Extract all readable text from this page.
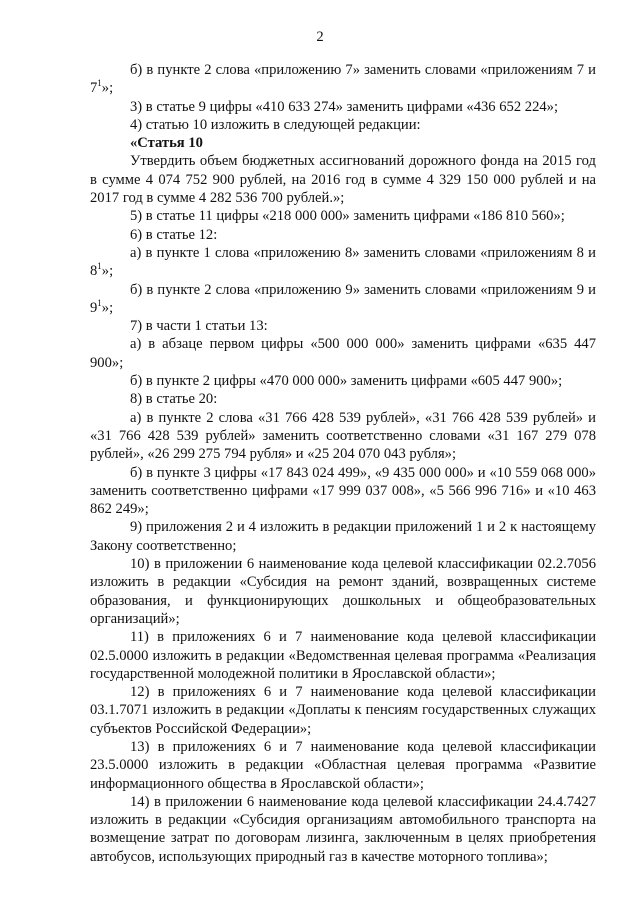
2

б) в пункте 2 слова «приложению 7» заменить словами «приложениям 7 и $7^1$»;

3) в статье 9 цифры «410 633 274» заменить цифрами «436 652 224»;

4) статью 10 изложить в следующей редакции:

«Статья 10

Утвердить объем бюджетных ассигнований дорожного фонда на 2015 год в сумме 4 074 752 900 рублей, на 2016 год в сумме 4 329 150 000 рублей и на 2017 год в сумме 4 282 536 700 рублей.»;

5) в статье 11 цифры «218 000 000» заменить цифрами «186 810 560»;

6) в статье 12:

а) в пункте 1 слова «приложению 8» заменить словами «приложениям 8 и $8^1$»;

б) в пункте 2 слова «приложению 9» заменить словами «приложениям 9 и $9^1$»;

7) в части 1 статьи 13:

а) в абзаце первом цифры «500 000 000» заменить цифрами «635 447 900»;

б) в пункте 2 цифры «470 000 000» заменить цифрами «605 447 900»;

8) в статье 20:

а) в пункте 2 слова «31 766 428 539 рублей», «31 766 428 539 рублей» и «31 766 428 539 рублей» заменить соответственно словами «31 167 279 078 рублей», «26 299 275 794 рубля» и «25 204 070 043 рубля»;

б) в пункте 3 цифры «17 843 024 499», «9 435 000 000» и «10 559 068 000» заменить соответственно цифрами «17 999 037 008», «5 566 996 716» и «10 463 862 249»;

9) приложения 2 и 4 изложить в редакции приложений 1 и 2 к настоящему Закону соответственно;

10) в приложении 6 наименование кода целевой классификации 02.2.7056 изложить в редакции «Субсидия на ремонт зданий, возвращенных системе образования, и функционирующих дошкольных и общеобразовательных организаций»;

11) в приложениях 6 и 7 наименование кода целевой классификации 02.5.0000 изложить в редакции «Ведомственная целевая программа «Реализация государственной молодежной политики в Ярославской области»;

12) в приложениях 6 и 7 наименование кода целевой классификации 03.1.7071 изложить в редакции «Доплаты к пенсиям государственных служащих субъектов Российской Федерации»;

13) в приложениях 6 и 7 наименование кода целевой классификации 23.5.0000 изложить в редакции «Областная целевая программа «Развитие информационного общества в Ярославской области»;

14) в приложении 6 наименование кода целевой классификации 24.4.7427 изложить в редакции «Субсидия организациям автомобильного транспорта на возмещение затрат по договорам лизинга, заключенным в целях приобретения автобусов, использующих природный газ в качестве моторного топлива»;
